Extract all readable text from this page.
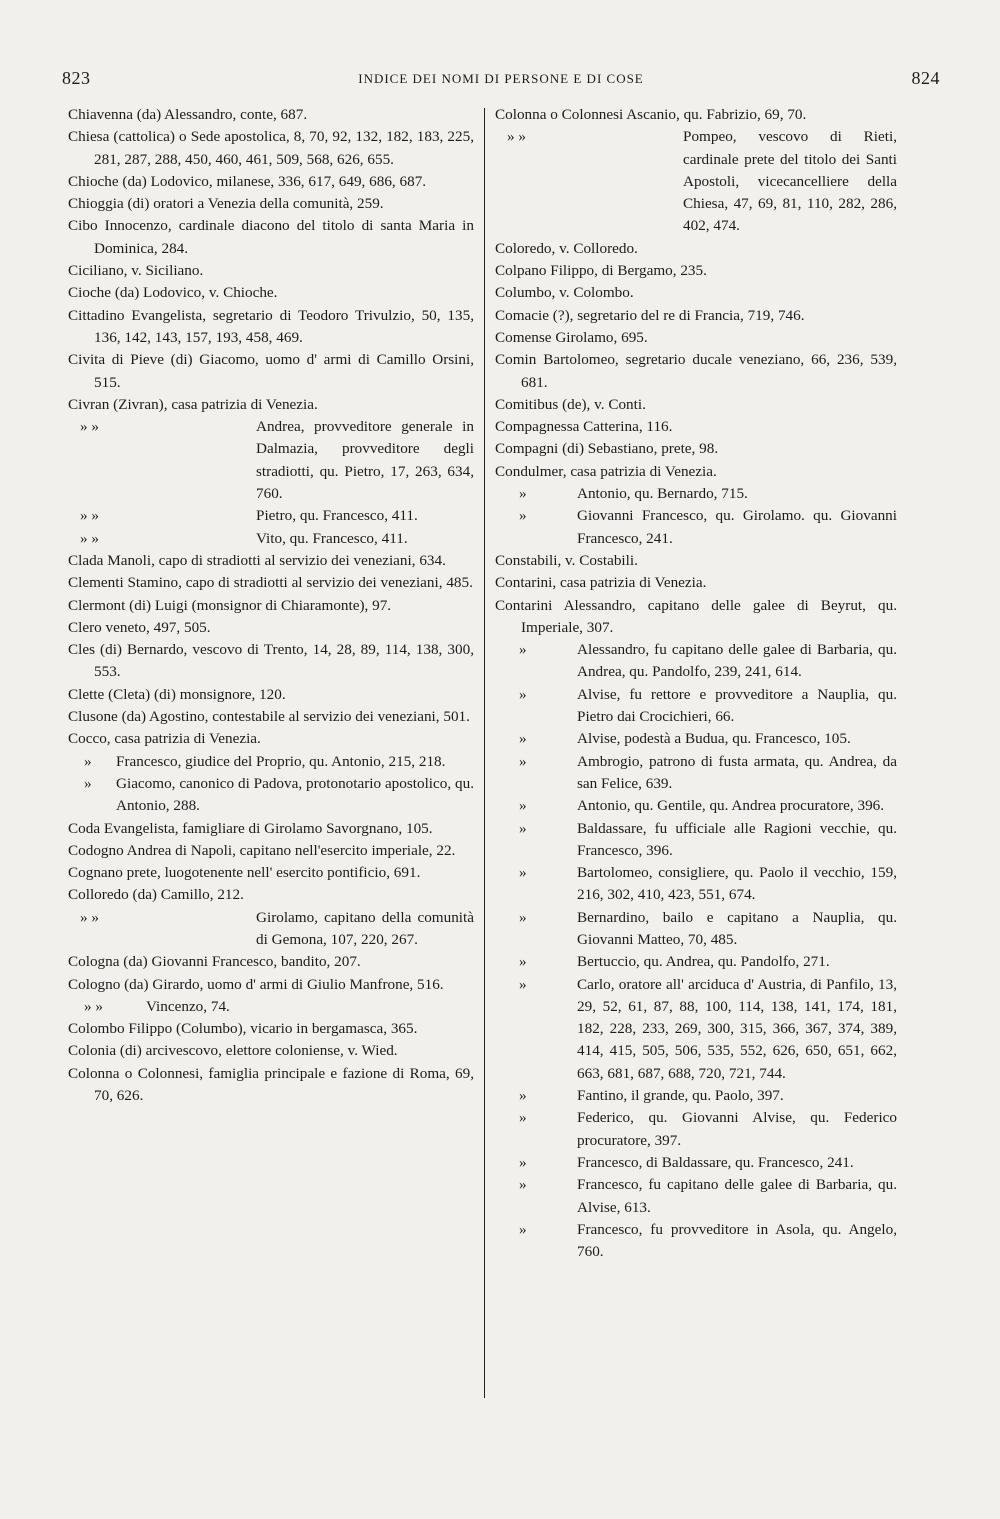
823	INDICE DEI NOMI DI PERSONE E DI COSE	824
Chiavenna (da) Alessandro, conte, 687.
Chiesa (cattolica) o Sede apostolica, 8, 70, 92, 132, 182, 183, 225, 281, 287, 288, 450, 460, 461, 509, 568, 626, 655.
Chioche (da) Lodovico, milanese, 336, 617, 649, 686, 687.
Chioggia (di) oratori a Venezia della comunità, 259.
Cibo Innocenzo, cardinale diacono del titolo di santa Maria in Dominica, 284.
Ciciliano, v. Siciliano.
Cioche (da) Lodovico, v. Chioche.
Cittadino Evangelista, segretario di Teodoro Trivulzio, 50, 135, 136, 142, 143, 157, 193, 458, 469.
Civita di Pieve (di) Giacomo, uomo d' armi di Camillo Orsini, 515.
Civran (Zivran), casa patrizia di Venezia.
» »	Andrea, provveditore generale in Dalmazia, provveditore degli stradiotti, qu. Pietro, 17, 263, 634, 760.
» »	Pietro, qu. Francesco, 411.
» »	Vito, qu. Francesco, 411.
Clada Manoli, capo di stradiotti al servizio dei veneziani, 634.
Clementi Stamino, capo di stradiotti al servizio dei veneziani, 485.
Clermont (di) Luigi (monsignor di Chiaramonte), 97.
Clero veneto, 497, 505.
Cles (di) Bernardo, vescovo di Trento, 14, 28, 89, 114, 138, 300, 553.
Clette (Cleta) (di) monsignore, 120.
Clusone (da) Agostino, contestabile al servizio dei veneziani, 501.
Cocco, casa patrizia di Venezia.
» Francesco, giudice del Proprio, qu. Antonio, 215, 218.
» Giacomo, canonico di Padova, protonotario apostolico, qu. Antonio, 288.
Coda Evangelista, famigliare di Girolamo Savorgnano, 105.
Codogno Andrea di Napoli, capitano nell'esercito imperiale, 22.
Cognano prete, luogotenente nell' esercito pontificio, 691.
Colloredo (da) Camillo, 212.
» »	Girolamo, capitano della comunità di Gemona, 107, 220, 267.
Cologna (da) Giovanni Francesco, bandito, 207.
Cologno (da) Girardo, uomo d' armi di Giulio Manfrone, 516.
» »	Vincenzo, 74.
Colombo Filippo (Columbo), vicario in bergamasca, 365.
Colonia (di) arcivescovo, elettore coloniense, v. Wied.
Colonna o Colonnesi, famiglia principale e fazione di Roma, 69, 70, 626.
Colonna o Colonnesi Ascanio, qu. Fabrizio, 69, 70.
» »	Pompeo, vescovo di Rieti, cardinale prete del titolo dei Santi Apostoli, vicecancelliere della Chiesa, 47, 69, 81, 110, 282, 286, 402, 474.
Coloredo, v. Colloredo.
Colpano Filippo, di Bergamo, 235.
Columbo, v. Colombo.
Comacie (?), segretario del re di Francia, 719, 746.
Comense Girolamo, 695.
Comin Bartolomeo, segretario ducale veneziano, 66, 236, 539, 681.
Comitibus (de), v. Conti.
Compagnessa Catterina, 116.
Compagni (di) Sebastiano, prete, 98.
Condulmer, casa patrizia di Venezia.
»	Antonio, qu. Bernardo, 715.
»	Giovanni Francesco, qu. Girolamo. qu. Giovanni Francesco, 241.
Constabili, v. Costabili.
Contarini, casa patrizia di Venezia.
Contarini Alessandro, capitano delle galee di Beyrut, qu. Imperiale, 307.
»	Alessandro, fu capitano delle galee di Barbaria, qu. Andrea, qu. Pandolfo, 239, 241, 614.
»	Alvise, fu rettore e provveditore a Nauplia, qu. Pietro dai Crocichieri, 66.
»	Alvise, podestà a Budua, qu. Francesco, 105.
»	Ambrogio, patrono di fusta armata, qu. Andrea, da san Felice, 639.
»	Antonio, qu. Gentile, qu. Andrea procuratore, 396.
»	Baldassare, fu ufficiale alle Ragioni vecchie, qu. Francesco, 396.
»	Bartolomeo, consigliere, qu. Paolo il vecchio, 159, 216, 302, 410, 423, 551, 674.
»	Bernardino, bailo e capitano a Nauplia, qu. Giovanni Matteo, 70, 485.
»	Bertuccio, qu. Andrea, qu. Pandolfo, 271.
»	Carlo, oratore all' arciduca d' Austria, di Panfilo, 13, 29, 52, 61, 87, 88, 100, 114, 138, 141, 174, 181, 182, 228, 233, 269, 300, 315, 366, 367, 374, 389, 414, 415, 505, 506, 535, 552, 626, 650, 651, 662, 663, 681, 687, 688, 720, 721, 744.
»	Fantino, il grande, qu. Paolo, 397.
»	Federico, qu. Giovanni Alvise, qu. Federico procuratore, 397.
»	Francesco, di Baldassare, qu. Francesco, 241.
»	Francesco, fu capitano delle galee di Barbaria, qu. Alvise, 613.
»	Francesco, fu provveditore in Asola, qu. Angelo, 760.
